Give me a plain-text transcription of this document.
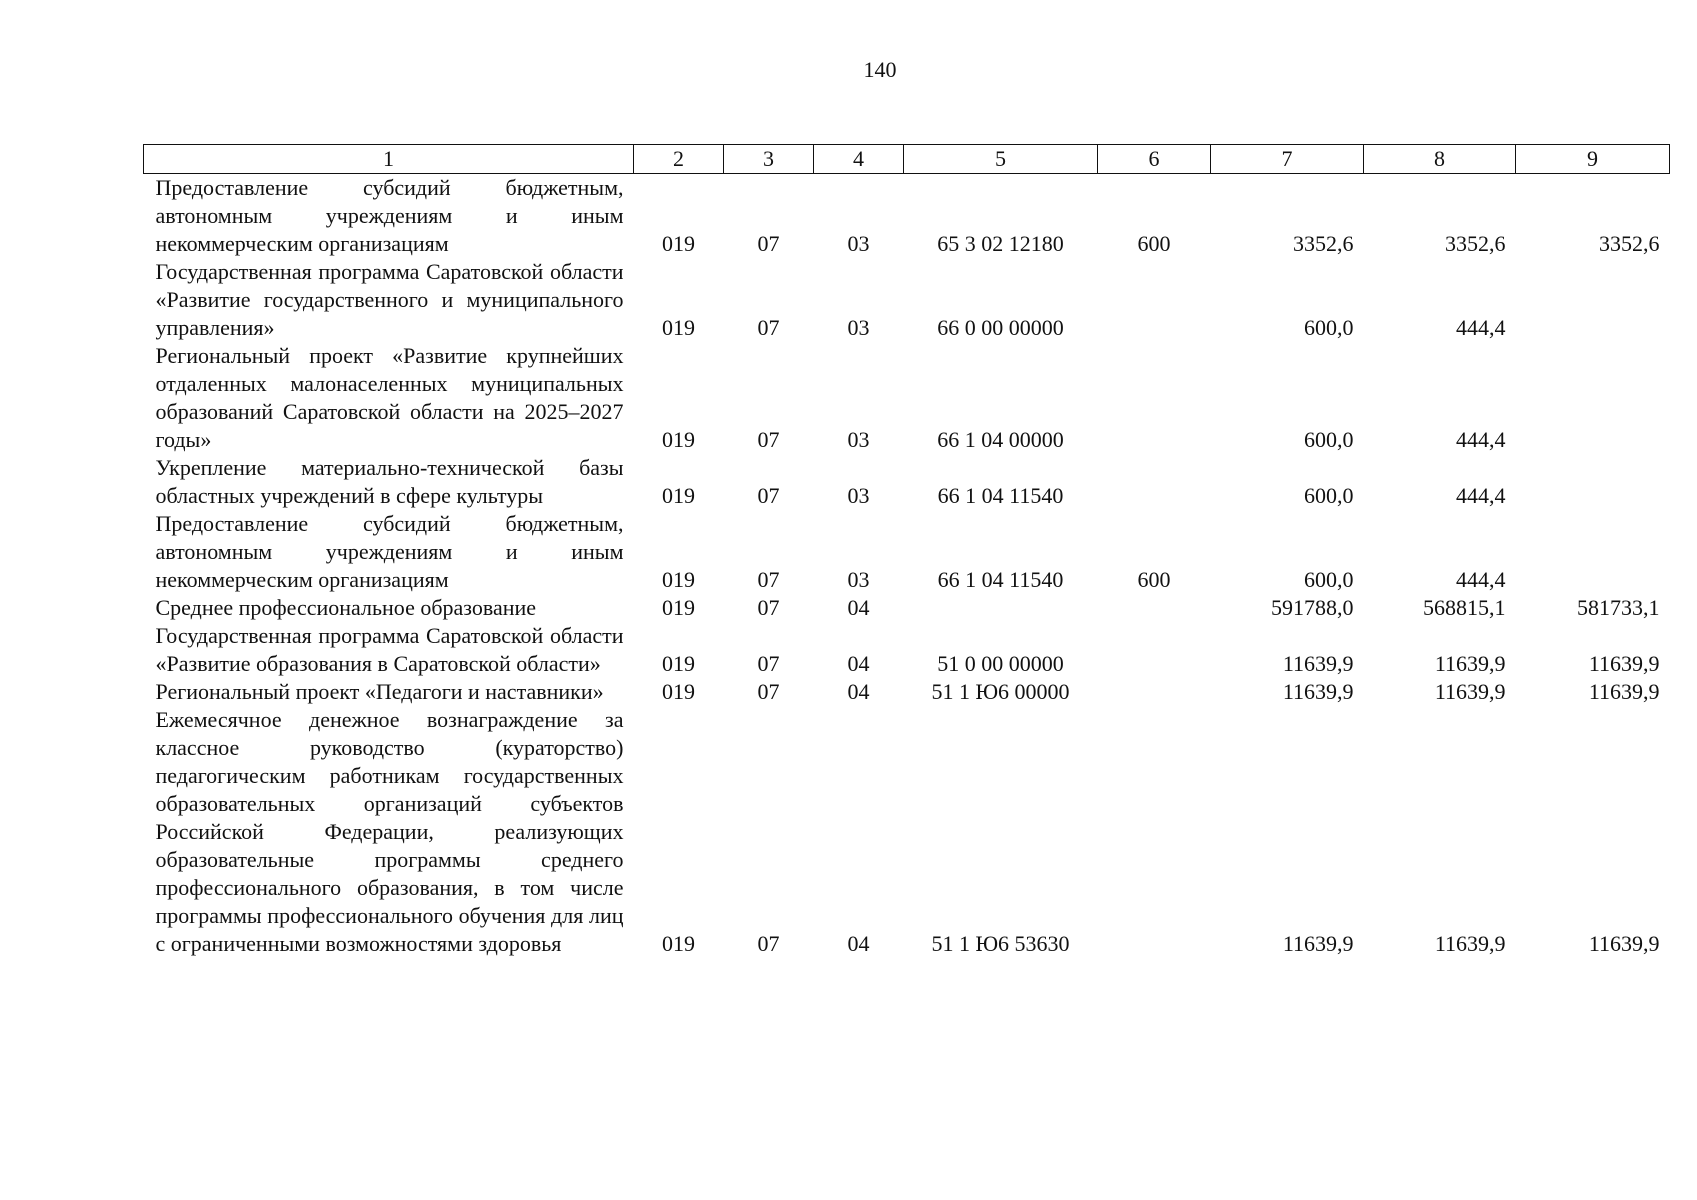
140
1	2	3	4	5	6	7	8	9
Предоставление субсидий бюджетным, автономным учреждениям и иным некоммерческим организациям	019	07	03	65 3 02 12180	600	3352,6	3352,6	3352,6
Государственная программа Саратовской области «Развитие государственного и муниципального управления»	019	07	03	66 0 00 00000		600,0	444,4	
Региональный проект «Развитие крупнейших отдаленных малонаселенных муниципальных образований Саратовской области на 2025–2027 годы»	019	07	03	66 1 04 00000		600,0	444,4	
Укрепление материально-технической базы областных учреждений в сфере культуры	019	07	03	66 1 04 11540		600,0	444,4	
Предоставление субсидий бюджетным, автономным учреждениям и иным некоммерческим организациям	019	07	03	66 1 04 11540	600	600,0	444,4	
Среднее профессиональное образование	019	07	04			591788,0	568815,1	581733,1
Государственная программа Саратовской области «Развитие образования в Саратовской области»	019	07	04	51 0 00 00000		11639,9	11639,9	11639,9
Региональный проект «Педагоги и наставники»	019	07	04	51 1 Ю6 00000		11639,9	11639,9	11639,9
Ежемесячное денежное вознаграждение за классное руководство (кураторство) педагогическим работникам государственных образовательных организаций субъектов Российской Федерации, реализующих образовательные программы среднего профессионального образования, в том числе программы профессионального обучения для лиц с ограниченными возможностями здоровья	019	07	04	51 1 Ю6 53630		11639,9	11639,9	11639,9
